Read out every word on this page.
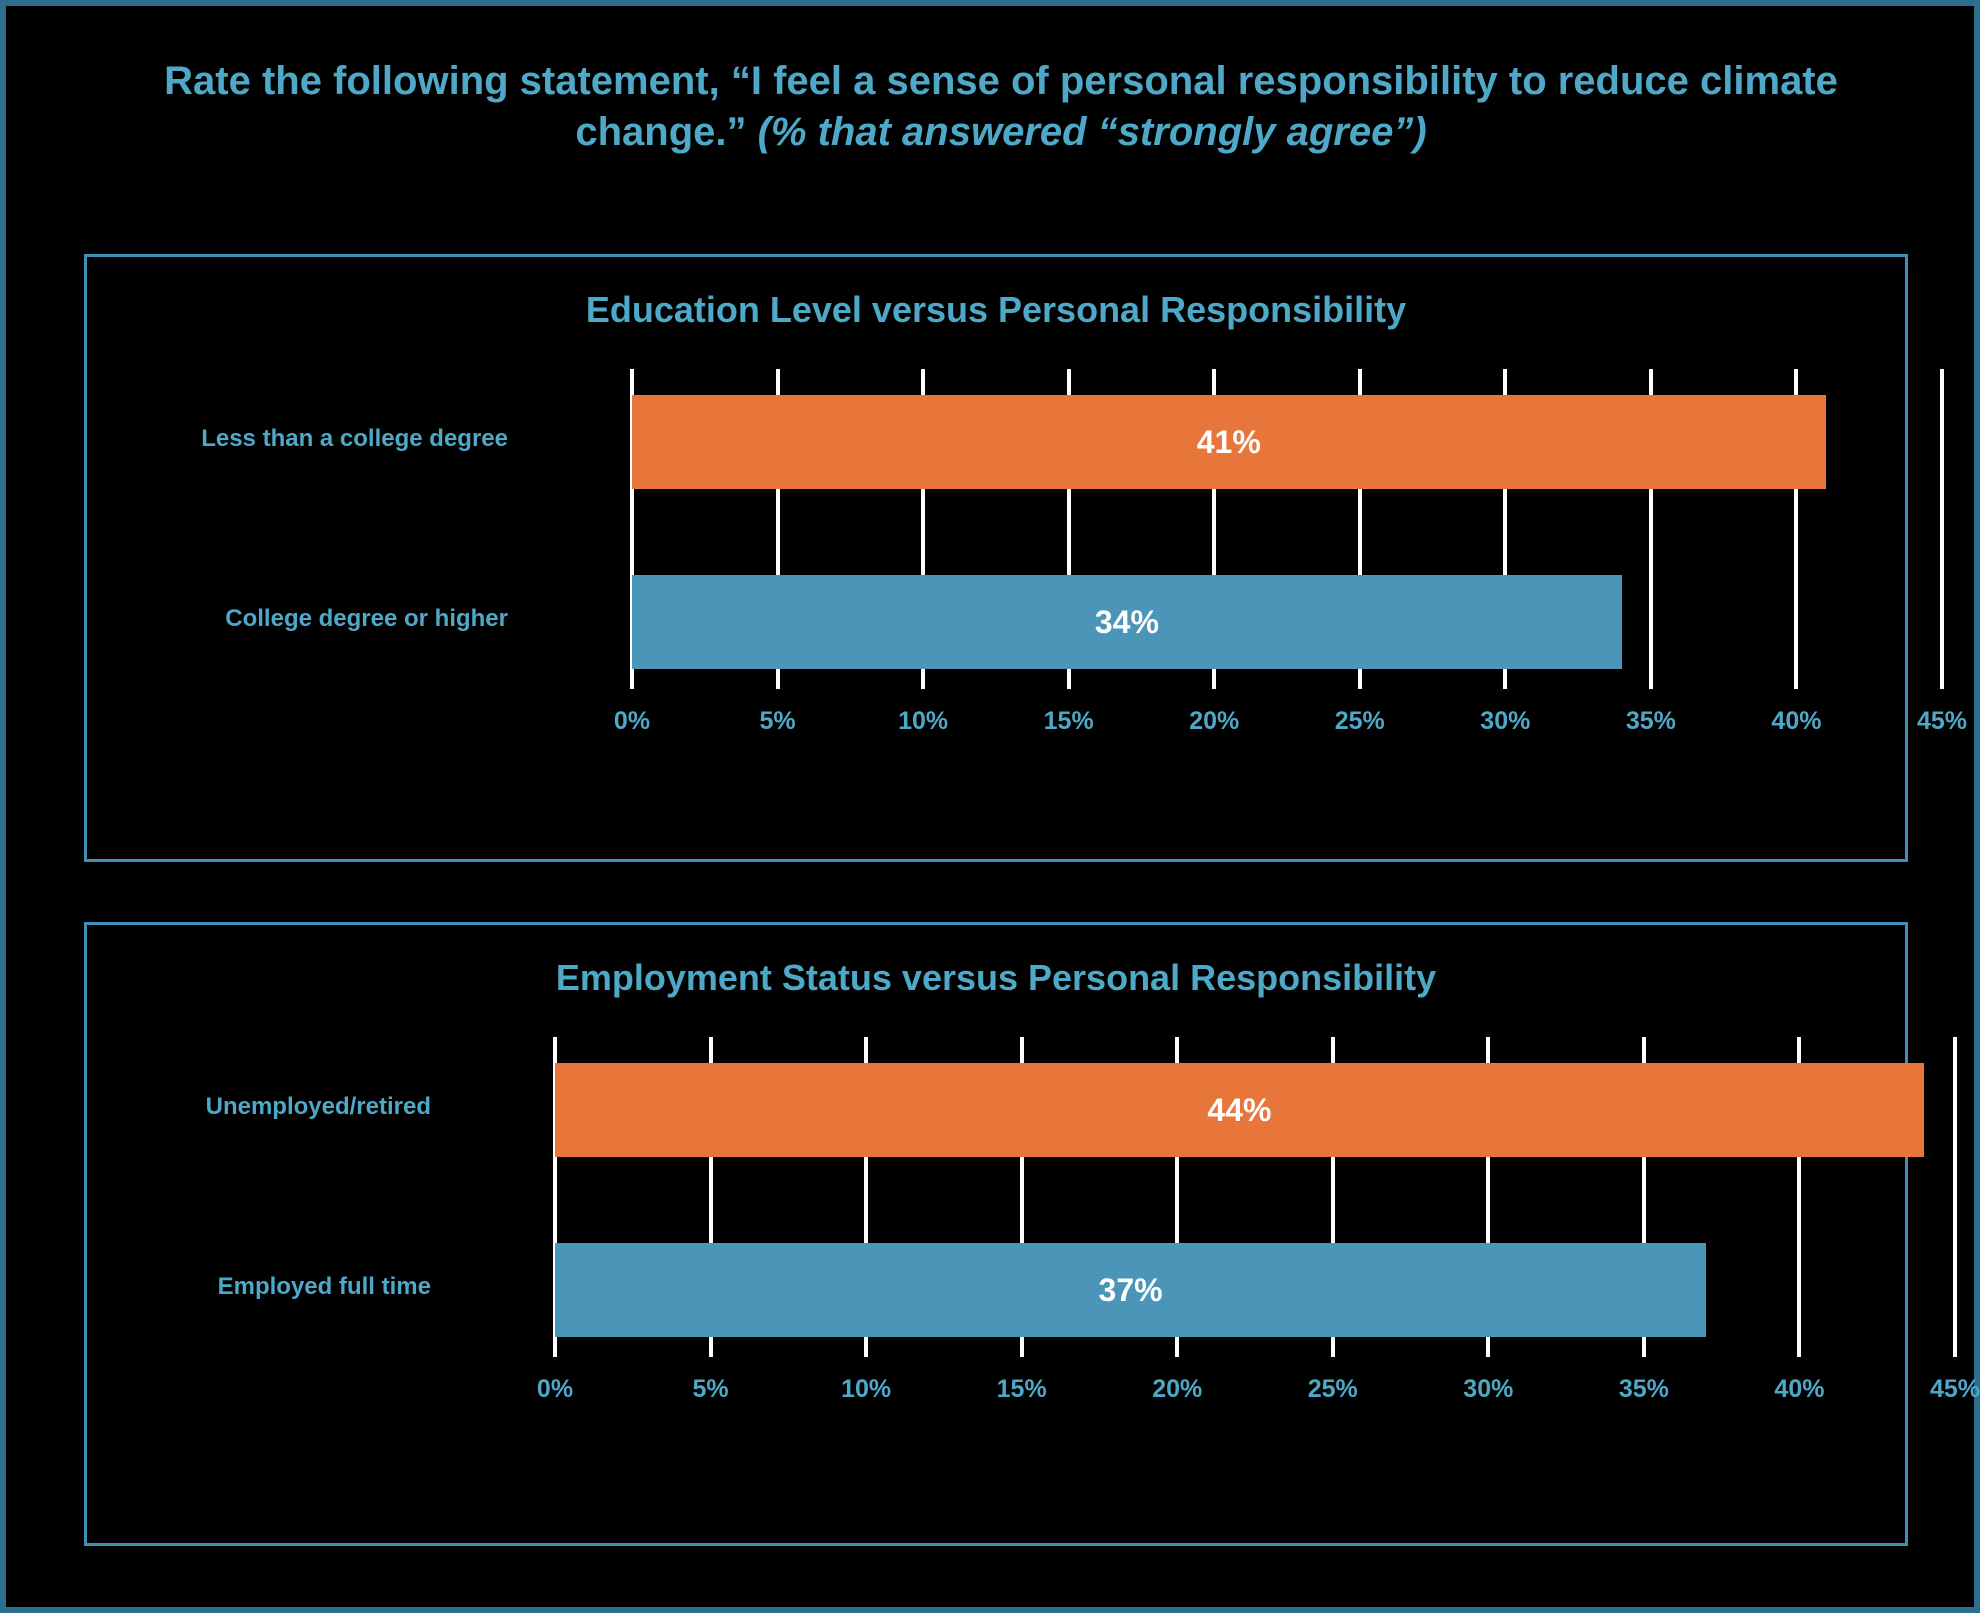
Rate the following statement, “I feel a sense of personal responsibility to reduce climate change.” (% that answered “strongly agree”)
Education Level versus Personal Responsibility
41%
Less than a college degree
34%
College degree or higher
0%	5%	10%	15%	20%	25%	30%	35%	40%	45%
Employment Status versus Personal Responsibility
44%
Unemployed/retired
37%
Employed full time
0%	5%	10%	15%	20%	25%	30%	35%	40%	45%
